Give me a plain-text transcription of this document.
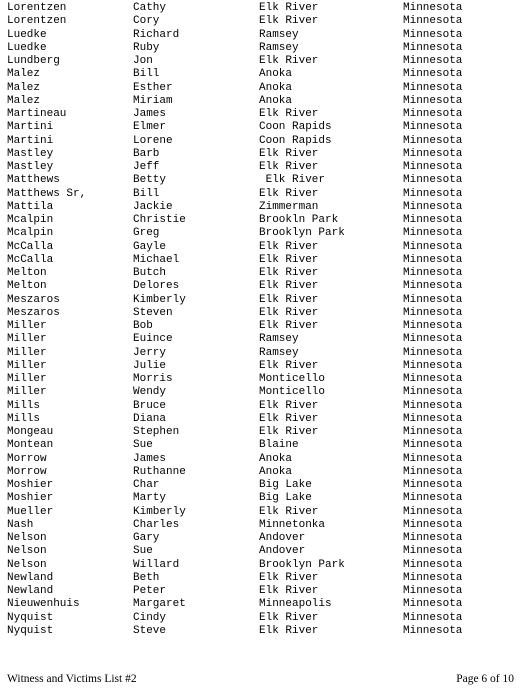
Lorentzen	Cathy	Elk River	Minnesota
Lorentzen	Cory	Elk River	Minnesota
Luedke	Richard	Ramsey	Minnesota
Luedke	Ruby	Ramsey	Minnesota
Lundberg	Jon	Elk River	Minnesota
Malez	Bill	Anoka	Minnesota
Malez	Esther	Anoka	Minnesota
Malez	Miriam	Anoka	Minnesota
Martineau	James	Elk River	Minnesota
Martini	Elmer	Coon Rapids	Minnesota
Martini	Lorene	Coon Rapids	Minnesota
Mastley	Barb	Elk River	Minnesota
Mastley	Jeff	Elk River	Minnesota
Matthews	Betty	Elk River	Minnesota
Matthews Sr,	Bill	Elk River	Minnesota
Mattila	Jackie	Zimmerman	Minnesota
Mcalpin	Christie	Brookln Park	Minnesota
Mcalpin	Greg	Brooklyn Park	Minnesota
McCalla	Gayle	Elk River	Minnesota
McCalla	Michael	Elk River	Minnesota
Melton	Butch	Elk River	Minnesota
Melton	Delores	Elk River	Minnesota
Meszaros	Kimberly	Elk River	Minnesota
Meszaros	Steven	Elk River	Minnesota
Miller	Bob	Elk River	Minnesota
Miller	Euince	Ramsey	Minnesota
Miller	Jerry	Ramsey	Minnesota
Miller	Julie	Elk River	Minnesota
Miller	Morris	Monticello	Minnesota
Miller	Wendy	Monticello	Minnesota
Mills	Bruce	Elk River	Minnesota
Mills	Diana	Elk River	Minnesota
Mongeau	Stephen	Elk River	Minnesota
Montean	Sue	Blaine	Minnesota
Morrow	James	Anoka	Minnesota
Morrow	Ruthanne	Anoka	Minnesota
Moshier	Char	Big Lake	Minnesota
Moshier	Marty	Big Lake	Minnesota
Mueller	Kimberly	Elk River	Minnesota
Nash	Charles	Minnetonka	Minnesota
Nelson	Gary	Andover	Minnesota
Nelson	Sue	Andover	Minnesota
Nelson	Willard	Brooklyn Park	Minnesota
Newland	Beth	Elk River	Minnesota
Newland	Peter	Elk River	Minnesota
Nieuwenhuis	Margaret	Minneapolis	Minnesota
Nyquist	Cindy	Elk River	Minnesota
Nyquist	Steve	Elk River	Minnesota
Witness and Victims List #2	Page 6 of 10
